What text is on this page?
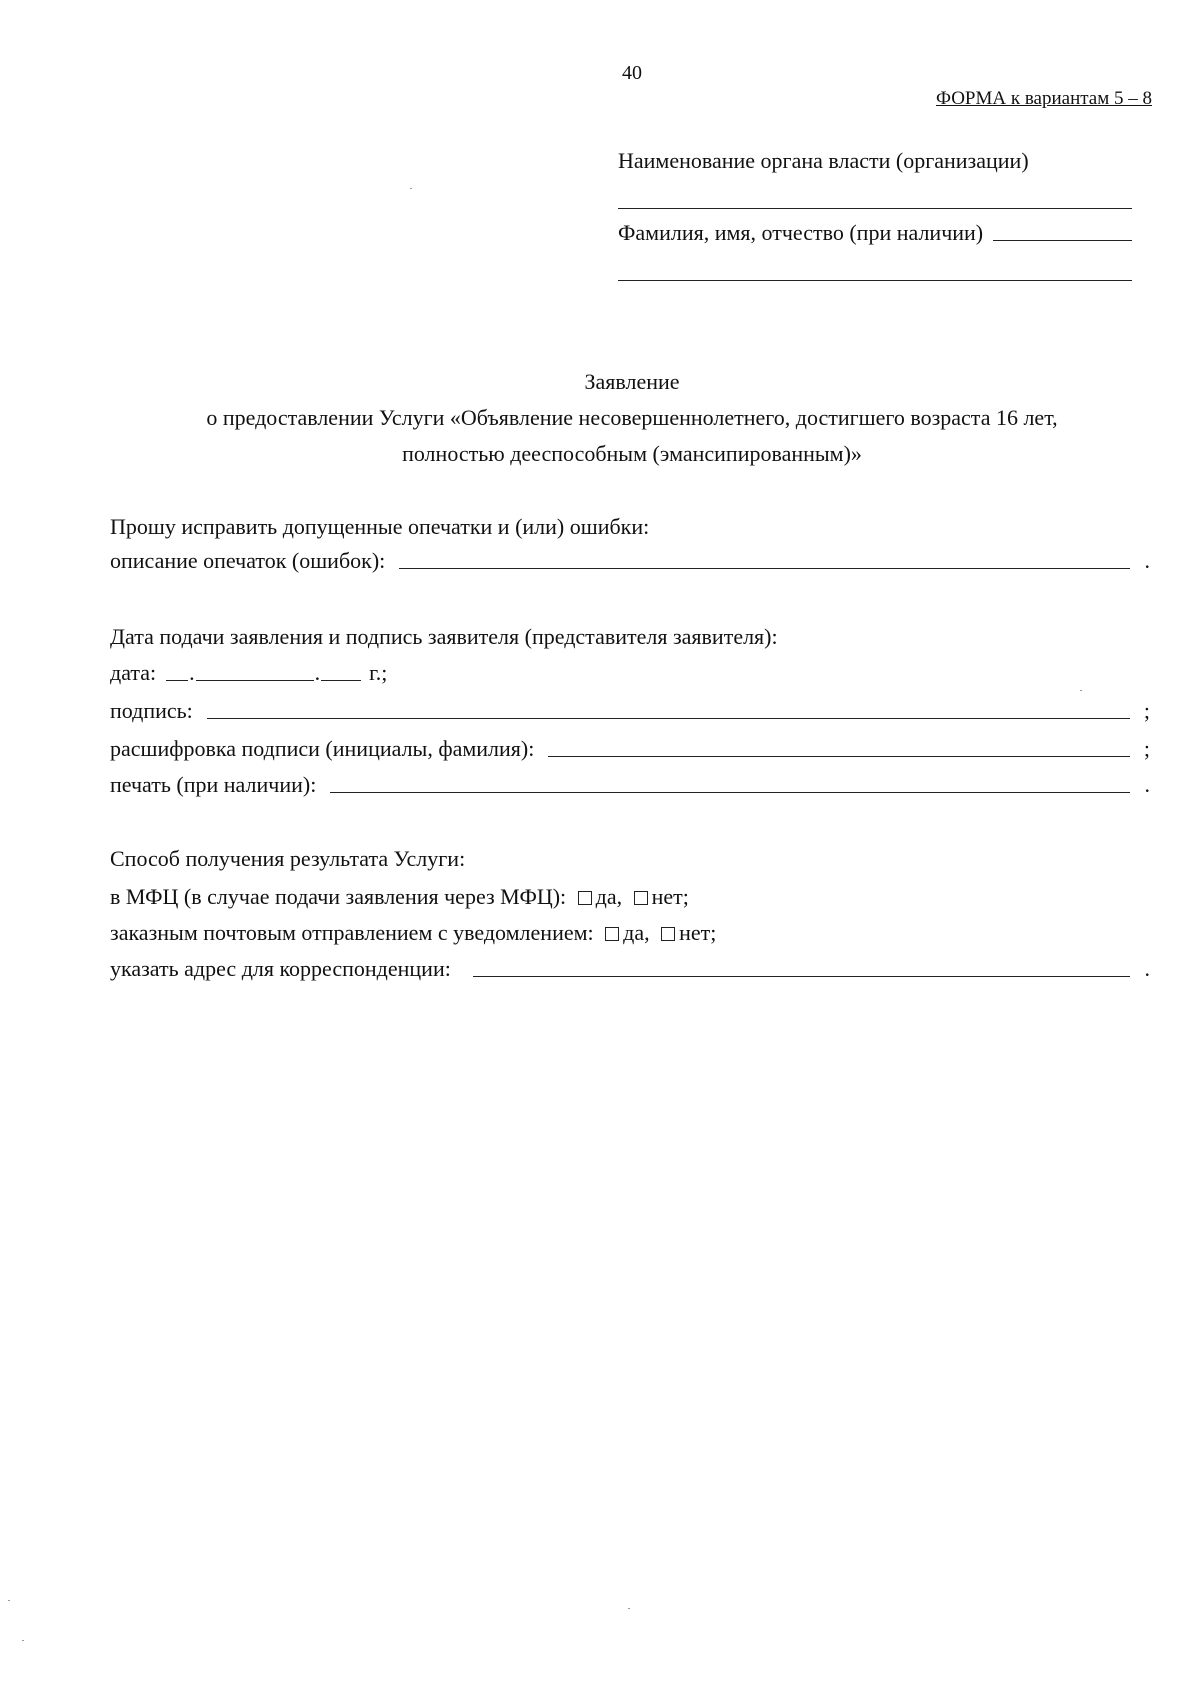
40
ФОРМА к вариантам 5 – 8
Наименование органа власти (организации)
Фамилия, имя, отчество (при наличии)
Заявление
о предоставлении Услуги «Объявление несовершеннолетнего, достигшего возраста 16 лет,
полностью дееспособным (эмансипированным)»
Прошу исправить допущенные опечатки и (или) ошибки:
описание опечаток (ошибок):	.
Дата подачи заявления и подпись заявителя (представителя заявителя):
дата: .	. г.;
подпись:	;
расшифровка подписи (инициалы, фамилия):	;
печать (при наличии):	.
Способ получения результата Услуги:
в МФЦ (в случае подачи заявления через МФЦ): да, нет;
заказным почтовым отправлением с уведомлением: да, нет;
указать адрес для корреспонденции:	.
